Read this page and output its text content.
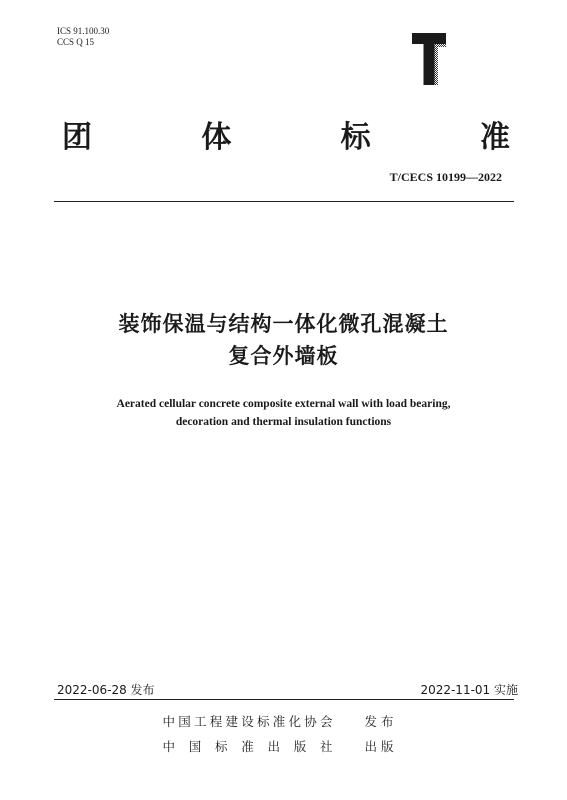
ICS 91.100.30
CCS Q 15
团	体	标	准
T/CECS 10199—2022
装饰保温与结构一体化微孔混凝土
复合外墙板
Aerated cellular concrete composite external wall with load bearing,
decoration and thermal insulation functions
2022-06-28 发布	2022-11-01 实施
中国工程建设标准化协会	发 布
中 国 标 准 出 版 社	出 版
